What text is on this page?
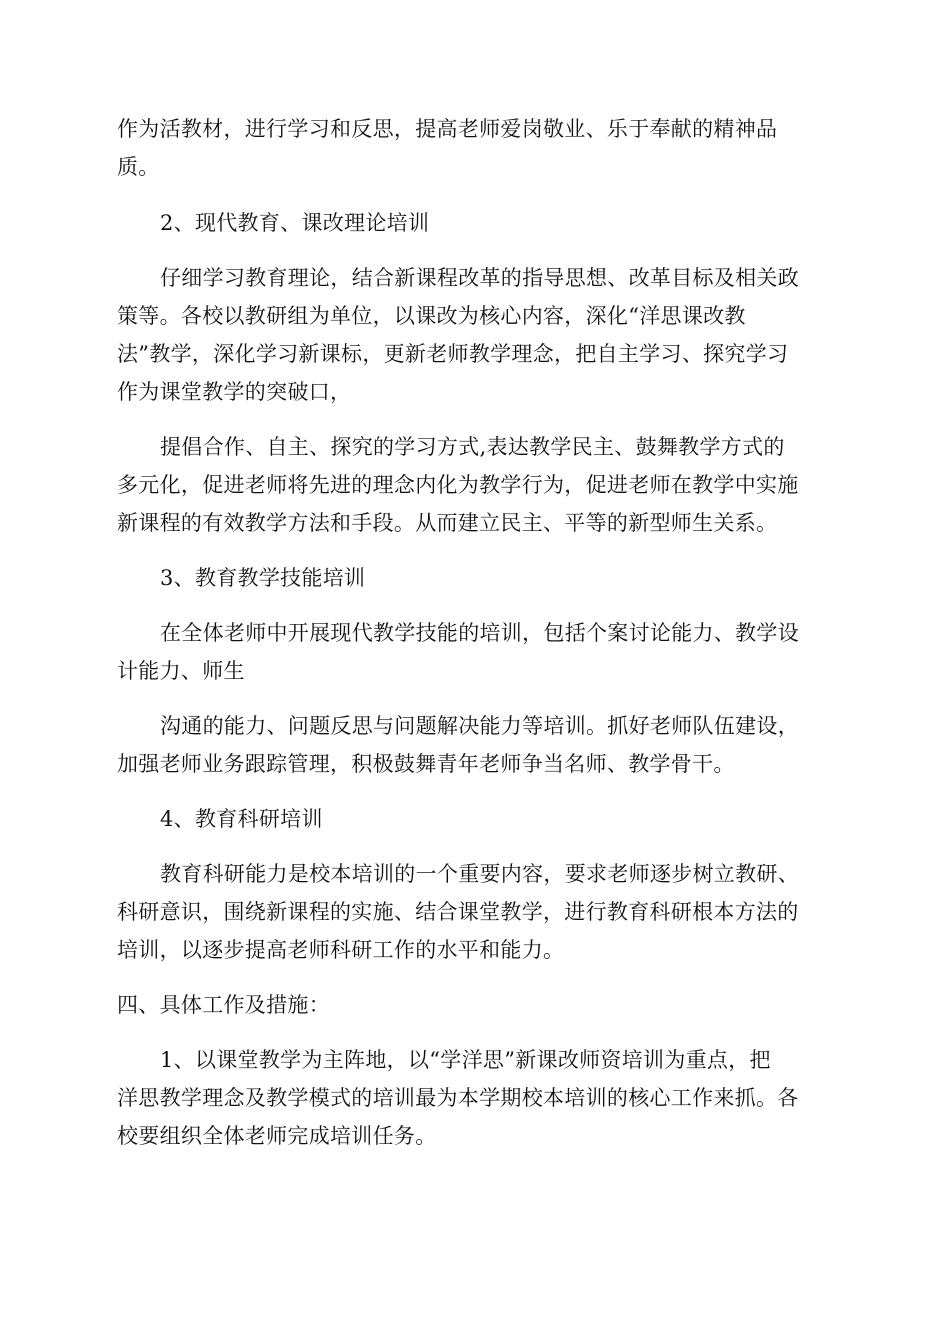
作为活教材，进行学习和反思，提高老师爱岗敬业、乐于奉献的精神品
质。
2、现代教育、课改理论培训
仔细学习教育理论，结合新课程改革的指导思想、改革目标及相关政
策等。各校以教研组为单位，以课改为核心内容，深化“洋思课改教
法”教学，深化学习新课标，更新老师教学理念，把自主学习、探究学习
作为课堂教学的突破口，
提倡合作、自主、探究的学习方式,表达教学民主、鼓舞教学方式的
多元化，促进老师将先进的理念内化为教学行为，促进老师在教学中实施
新课程的有效教学方法和手段。从而建立民主、平等的新型师生关系。
3、教育教学技能培训
在全体老师中开展现代教学技能的培训，包括个案讨论能力、教学设
计能力、师生
沟通的能力、问题反思与问题解决能力等培训。抓好老师队伍建设，
加强老师业务跟踪管理，积极鼓舞青年老师争当名师、教学骨干。
4、教育科研培训
教育科研能力是校本培训的一个重要内容，要求老师逐步树立教研、
科研意识，围绕新课程的实施、结合课堂教学，进行教育科研根本方法的
培训，以逐步提高老师科研工作的水平和能力。
四、具体工作及措施：
1、以课堂教学为主阵地，以“学洋思”新课改师资培训为重点，把
洋思教学理念及教学模式的培训最为本学期校本培训的核心工作来抓。各
校要组织全体老师完成培训任务。
